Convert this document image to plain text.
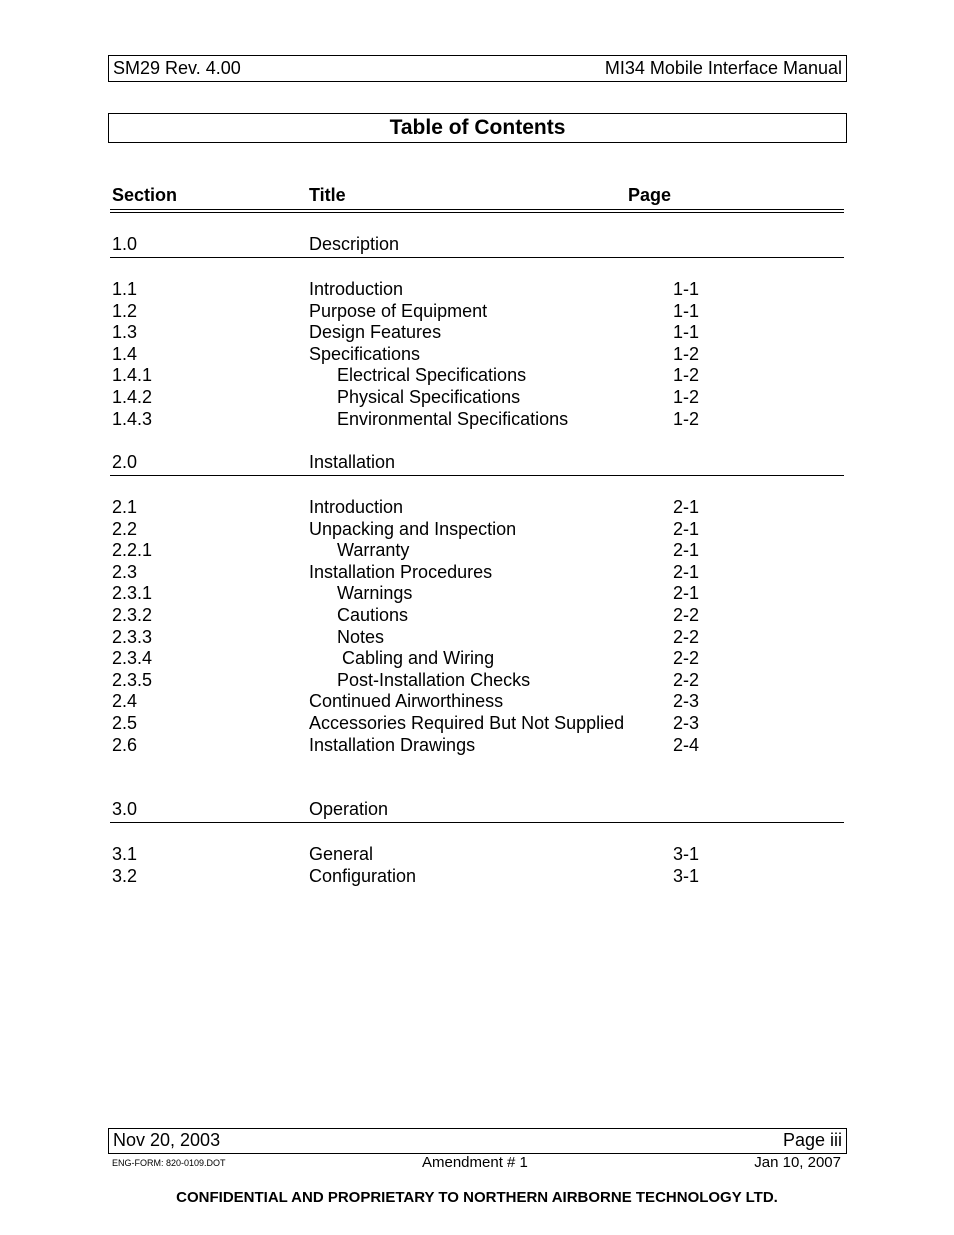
SM29 Rev. 4.00	MI34 Mobile Interface Manual
Table of Contents
Section	Title	Page
1.0	Description
1.1	Introduction	1-1
1.2	Purpose of Equipment	1-1
1.3	Design Features	1-1
1.4	Specifications	1-2
1.4.1	Electrical Specifications	1-2
1.4.2	Physical Specifications	1-2
1.4.3	Environmental Specifications	1-2
2.0	Installation
2.1	Introduction	2-1
2.2	Unpacking and Inspection	2-1
2.2.1	Warranty	2-1
2.3	Installation Procedures	2-1
2.3.1	Warnings	2-1
2.3.2	Cautions	2-2
2.3.3	Notes	2-2
2.3.4	Cabling and Wiring	2-2
2.3.5	Post-Installation Checks	2-2
2.4	Continued Airworthiness	2-3
2.5	Accessories Required But Not Supplied	2-3
2.6	Installation Drawings	2-4
3.0	Operation
3.1	General	3-1
3.2	Configuration	3-1
Nov 20, 2003	Page iii
ENG-FORM: 820-0109.DOT	Amendment # 1	Jan 10, 2007
CONFIDENTIAL AND PROPRIETARY TO NORTHERN AIRBORNE TECHNOLOGY LTD.
